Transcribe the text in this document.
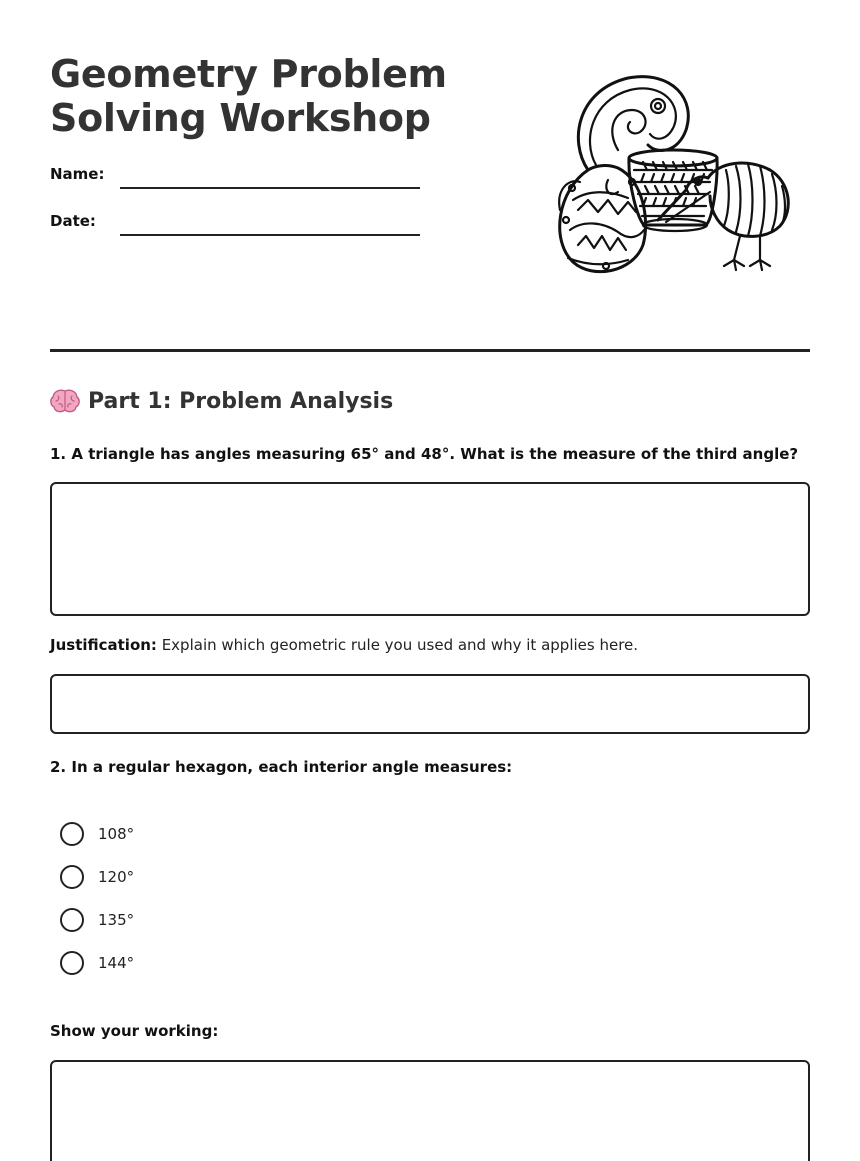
Geometry Problem
Solving Workshop
Name:
Date:
Part 1: Problem Analysis
1. A triangle has angles measuring 65° and 48°. What is the measure of the third angle?
Justification: Explain which geometric rule you used and why it applies here.
2. In a regular hexagon, each interior angle measures:
108°
120°
135°
144°
Show your working:
